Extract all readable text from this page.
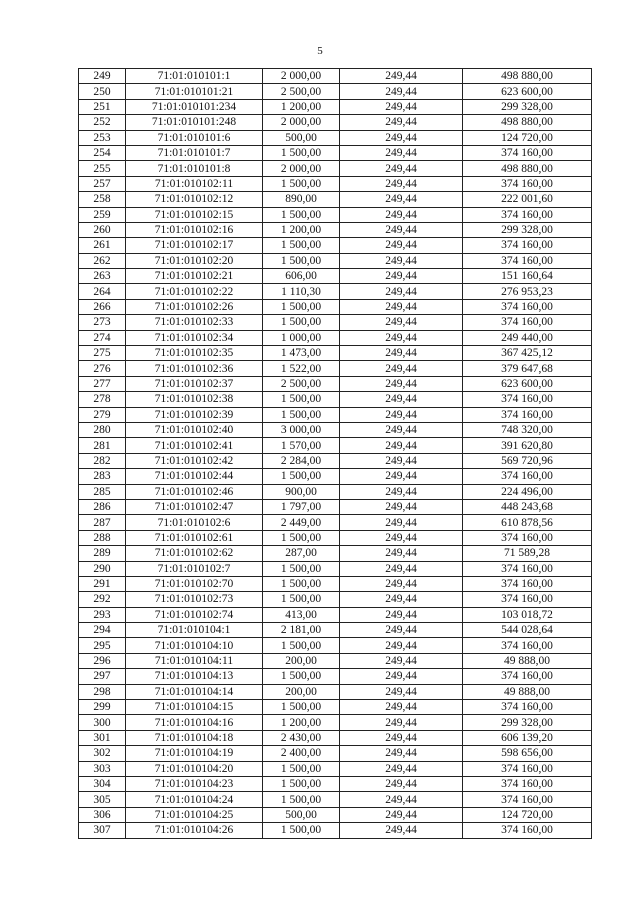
5
249	71:01:010101:1	2 000,00	249,44	498 880,00
250	71:01:010101:21	2 500,00	249,44	623 600,00
251	71:01:010101:234	1 200,00	249,44	299 328,00
252	71:01:010101:248	2 000,00	249,44	498 880,00
253	71:01:010101:6	500,00	249,44	124 720,00
254	71:01:010101:7	1 500,00	249,44	374 160,00
255	71:01:010101:8	2 000,00	249,44	498 880,00
257	71:01:010102:11	1 500,00	249,44	374 160,00
258	71:01:010102:12	890,00	249,44	222 001,60
259	71:01:010102:15	1 500,00	249,44	374 160,00
260	71:01:010102:16	1 200,00	249,44	299 328,00
261	71:01:010102:17	1 500,00	249,44	374 160,00
262	71:01:010102:20	1 500,00	249,44	374 160,00
263	71:01:010102:21	606,00	249,44	151 160,64
264	71:01:010102:22	1 110,30	249,44	276 953,23
266	71:01:010102:26	1 500,00	249,44	374 160,00
273	71:01:010102:33	1 500,00	249,44	374 160,00
274	71:01:010102:34	1 000,00	249,44	249 440,00
275	71:01:010102:35	1 473,00	249,44	367 425,12
276	71:01:010102:36	1 522,00	249,44	379 647,68
277	71:01:010102:37	2 500,00	249,44	623 600,00
278	71:01:010102:38	1 500,00	249,44	374 160,00
279	71:01:010102:39	1 500,00	249,44	374 160,00
280	71:01:010102:40	3 000,00	249,44	748 320,00
281	71:01:010102:41	1 570,00	249,44	391 620,80
282	71:01:010102:42	2 284,00	249,44	569 720,96
283	71:01:010102:44	1 500,00	249,44	374 160,00
285	71:01:010102:46	900,00	249,44	224 496,00
286	71:01:010102:47	1 797,00	249,44	448 243,68
287	71:01:010102:6	2 449,00	249,44	610 878,56
288	71:01:010102:61	1 500,00	249,44	374 160,00
289	71:01:010102:62	287,00	249,44	71 589,28
290	71:01:010102:7	1 500,00	249,44	374 160,00
291	71:01:010102:70	1 500,00	249,44	374 160,00
292	71:01:010102:73	1 500,00	249,44	374 160,00
293	71:01:010102:74	413,00	249,44	103 018,72
294	71:01:010104:1	2 181,00	249,44	544 028,64
295	71:01:010104:10	1 500,00	249,44	374 160,00
296	71:01:010104:11	200,00	249,44	49 888,00
297	71:01:010104:13	1 500,00	249,44	374 160,00
298	71:01:010104:14	200,00	249,44	49 888,00
299	71:01:010104:15	1 500,00	249,44	374 160,00
300	71:01:010104:16	1 200,00	249,44	299 328,00
301	71:01:010104:18	2 430,00	249,44	606 139,20
302	71:01:010104:19	2 400,00	249,44	598 656,00
303	71:01:010104:20	1 500,00	249,44	374 160,00
304	71:01:010104:23	1 500,00	249,44	374 160,00
305	71:01:010104:24	1 500,00	249,44	374 160,00
306	71:01:010104:25	500,00	249,44	124 720,00
307	71:01:010104:26	1 500,00	249,44	374 160,00
